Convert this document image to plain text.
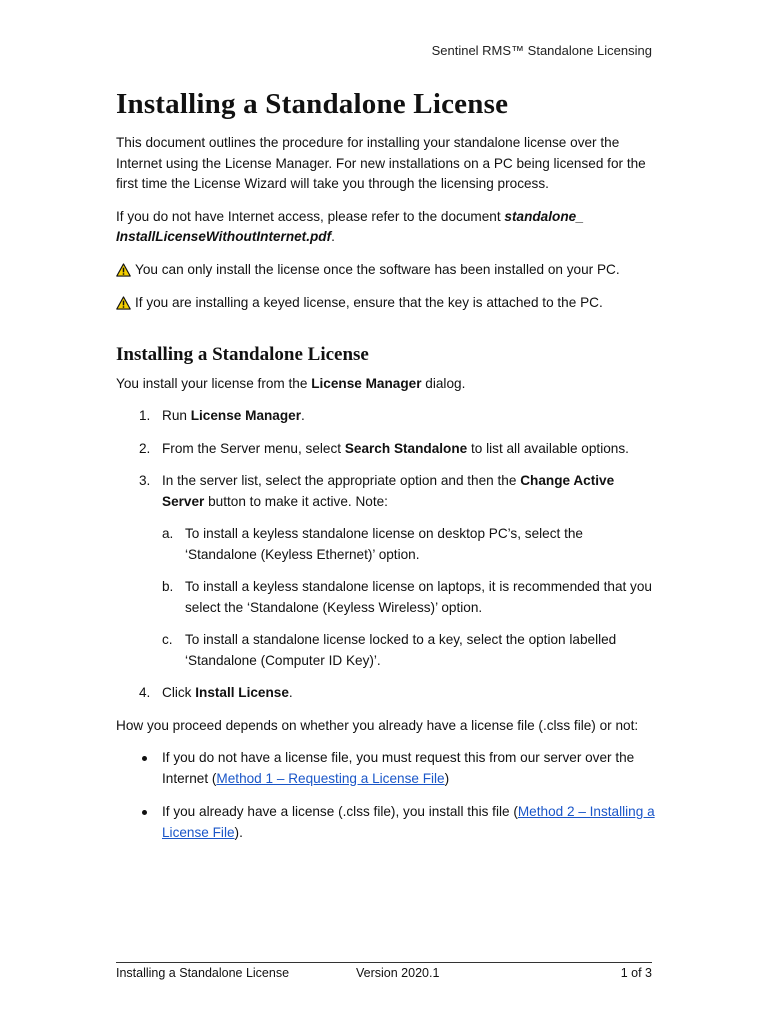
Sentinel RMS™ Standalone Licensing
Installing a Standalone License

This document outlines the procedure for installing your standalone license over the Internet using the License Manager. For new installations on a PC being licensed for the first time the License Wizard will take you through the licensing process.

If you do not have Internet access, please refer to the document standalone_ InstallLicenseWithoutInternet.pdf.

You can only install the license once the software has been installed on your PC.
If you are installing a keyed license, ensure that the key is attached to the PC.
Installing a Standalone License

You install your license from the License Manager dialog.

1. Run License Manager.
2. From the Server menu, select Search Standalone to list all available options.
3. In the server list, select the appropriate option and then the Change Active Server button to make it active. Note:
a. To install a keyless standalone license on desktop PC’s, select the ‘Standalone (Keyless Ethernet)’ option.
b. To install a keyless standalone license on laptops, it is recommended that you select the ‘Standalone (Keyless Wireless)’ option.
c. To install a standalone license locked to a key, select the option labelled ‘Standalone (Computer ID Key)’.
4. Click Install License.

How you proceed depends on whether you already have a license file (.clss file) or not:

If you do not have a license file, you must request this from our server over the Internet (Method 1 – Requesting a License File)
If you already have a license (.clss file), you install this file (Method 2 – Installing a License File).
Installing a Standalone License	Version 2020.1	1 of 3
